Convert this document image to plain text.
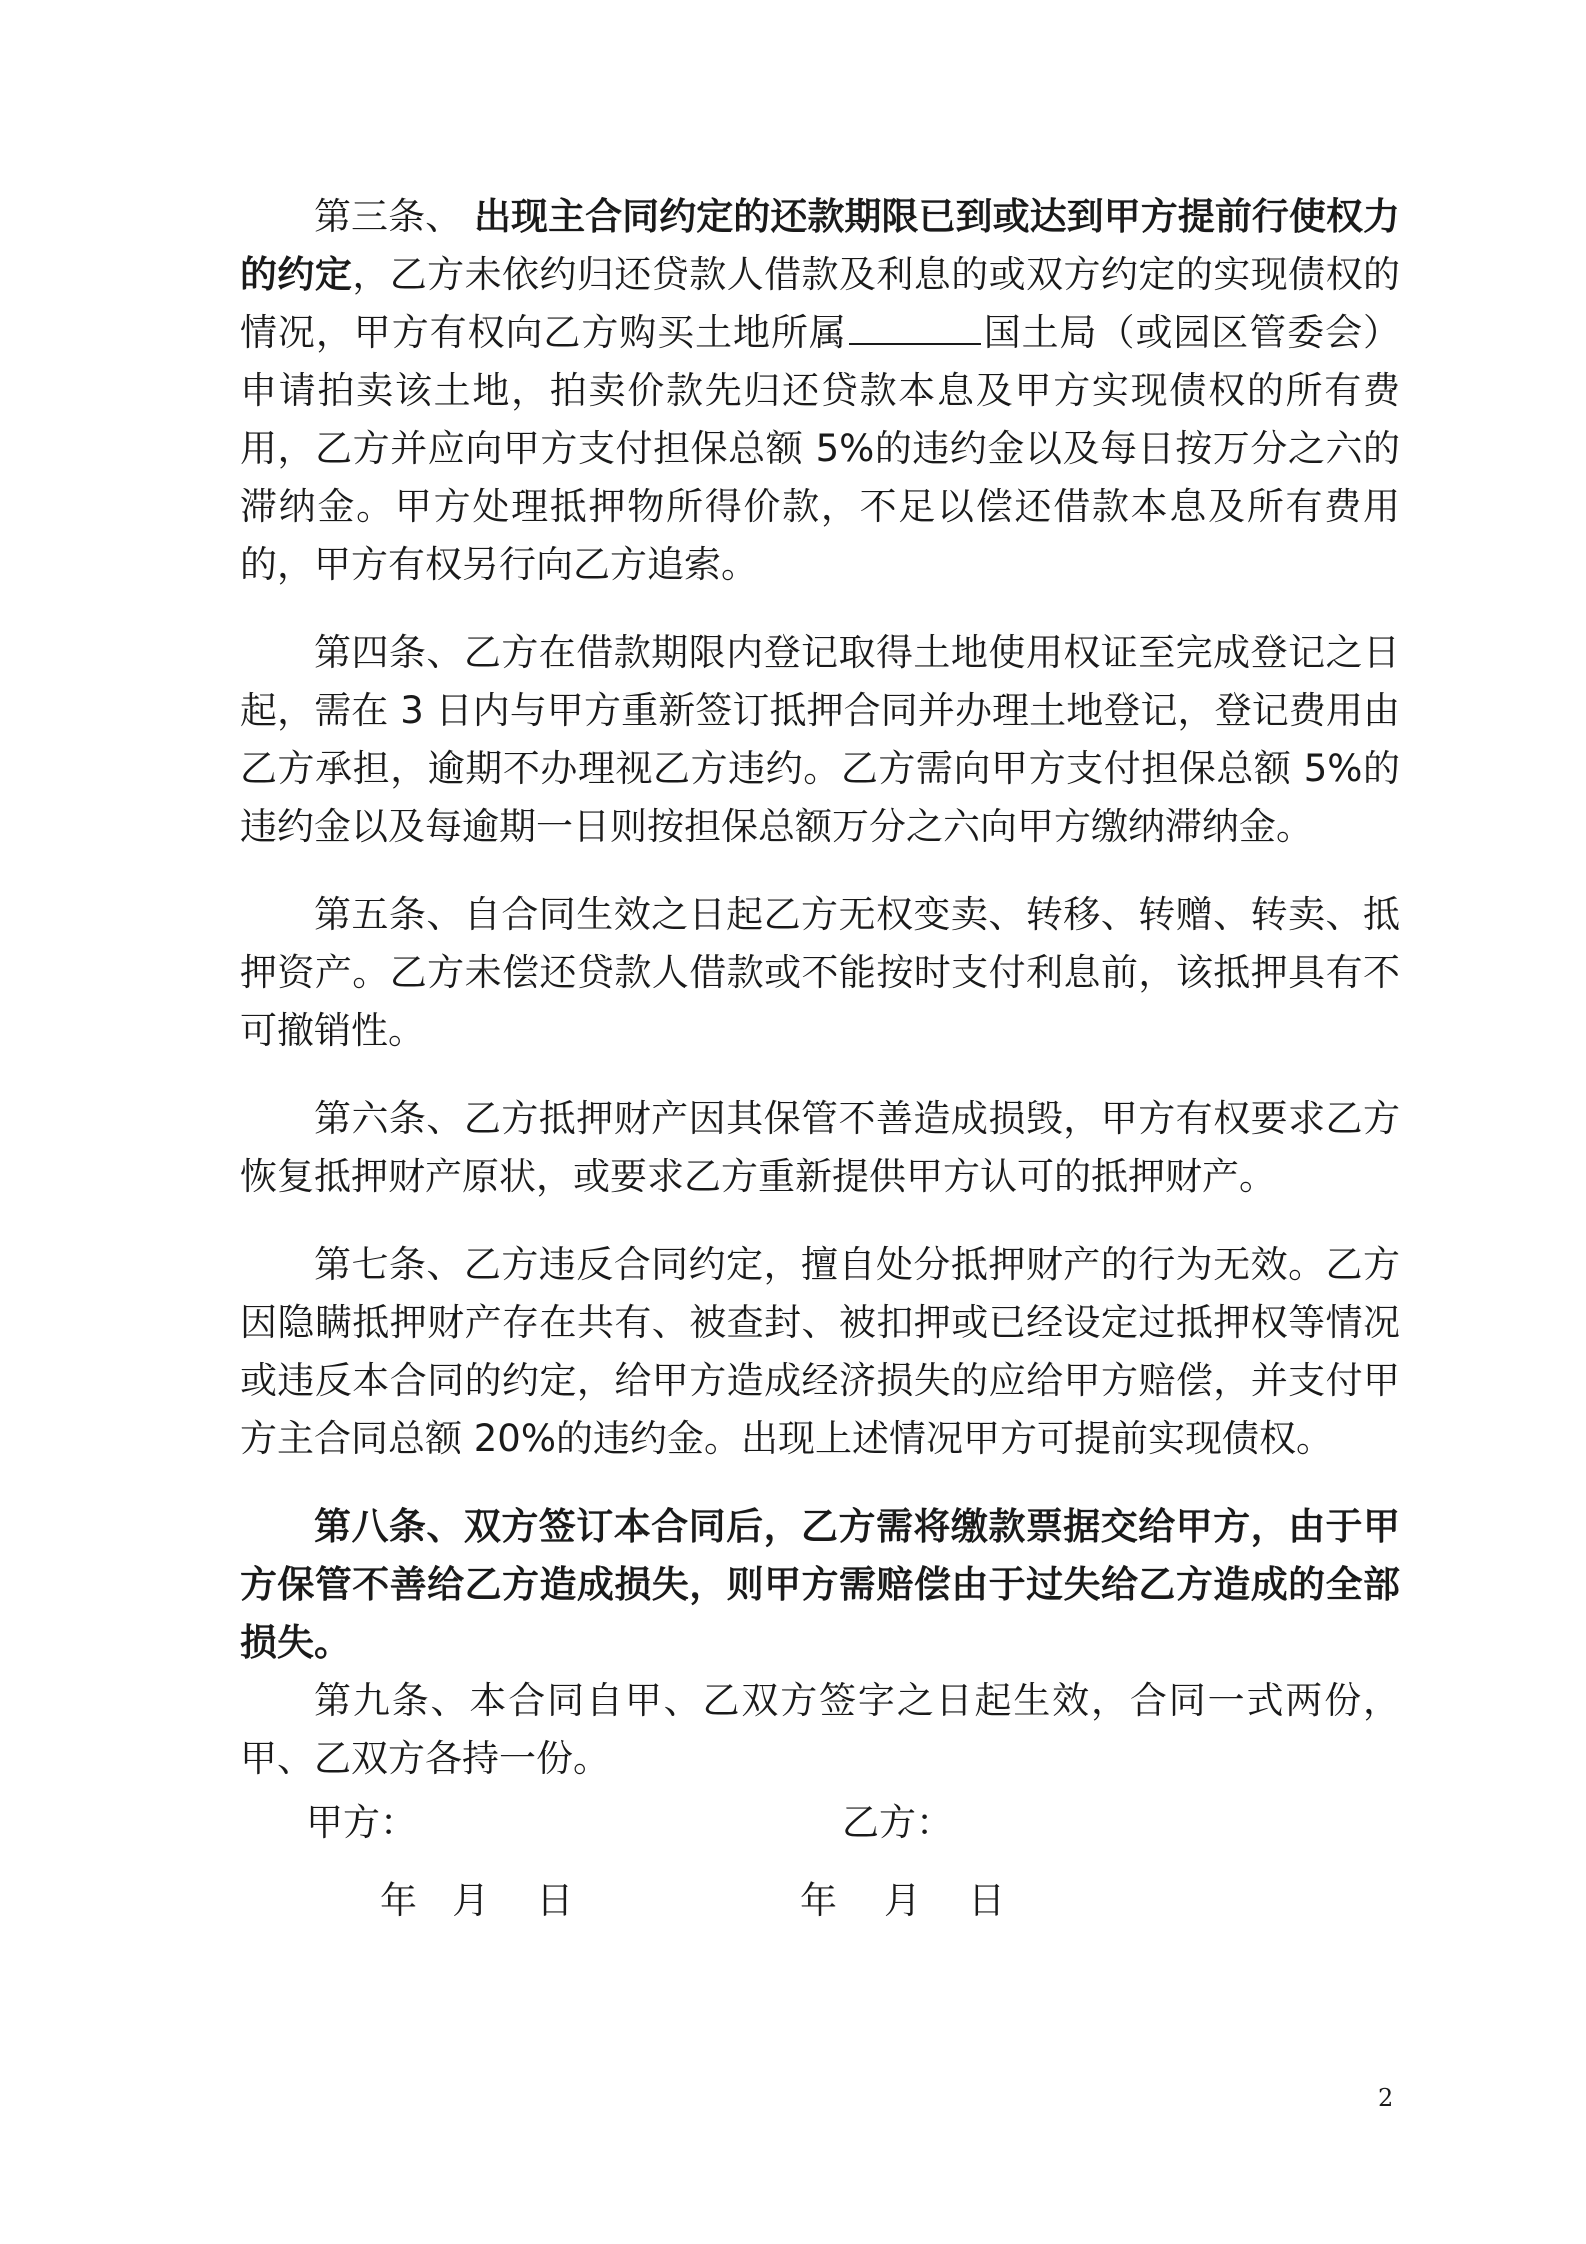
第三条、 出现主合同约定的还款期限已到或达到甲方提前行使权力的约定，乙方未依约归还贷款人借款及利息的或双方约定的实现债权的情况，甲方有权向乙方购买土地所属	国土局（或园区管委会）申请拍卖该土地，拍卖价款先归还贷款本息及甲方实现债权的所有费用，乙方并应向甲方支付担保总额 5%的违约金以及每日按万分之六的滞纳金。甲方处理抵押物所得价款，不足以偿还借款本息及所有费用的，甲方有权另行向乙方追索。

第四条、乙方在借款期限内登记取得土地使用权证至完成登记之日起，需在 3 日内与甲方重新签订抵押合同并办理土地登记，登记费用由乙方承担，逾期不办理视乙方违约。乙方需向甲方支付担保总额 5%的违约金以及每逾期一日则按担保总额万分之六向甲方缴纳滞纳金。

第五条、自合同生效之日起乙方无权变卖、转移、转赠、转卖、抵押资产。乙方未偿还贷款人借款或不能按时支付利息前，该抵押具有不可撤销性。

第六条、乙方抵押财产因其保管不善造成损毁，甲方有权要求乙方恢复抵押财产原状，或要求乙方重新提供甲方认可的抵押财产。

第七条、乙方违反合同约定，擅自处分抵押财产的行为无效。乙方因隐瞒抵押财产存在共有、被查封、被扣押或已经设定过抵押权等情况或违反本合同的约定，给甲方造成经济损失的应给甲方赔偿，并支付甲方主合同总额 20%的违约金。出现上述情况甲方可提前实现债权。

第八条、双方签订本合同后，乙方需将缴款票据交给甲方，由于甲方保管不善给乙方造成损失，则甲方需赔偿由于过失给乙方造成的全部损失。

第九条、本合同自甲、乙双方签字之日起生效，合同一式两份，甲、乙双方各持一份。

甲方：	乙方：
年   月    日	年    月    日
2
